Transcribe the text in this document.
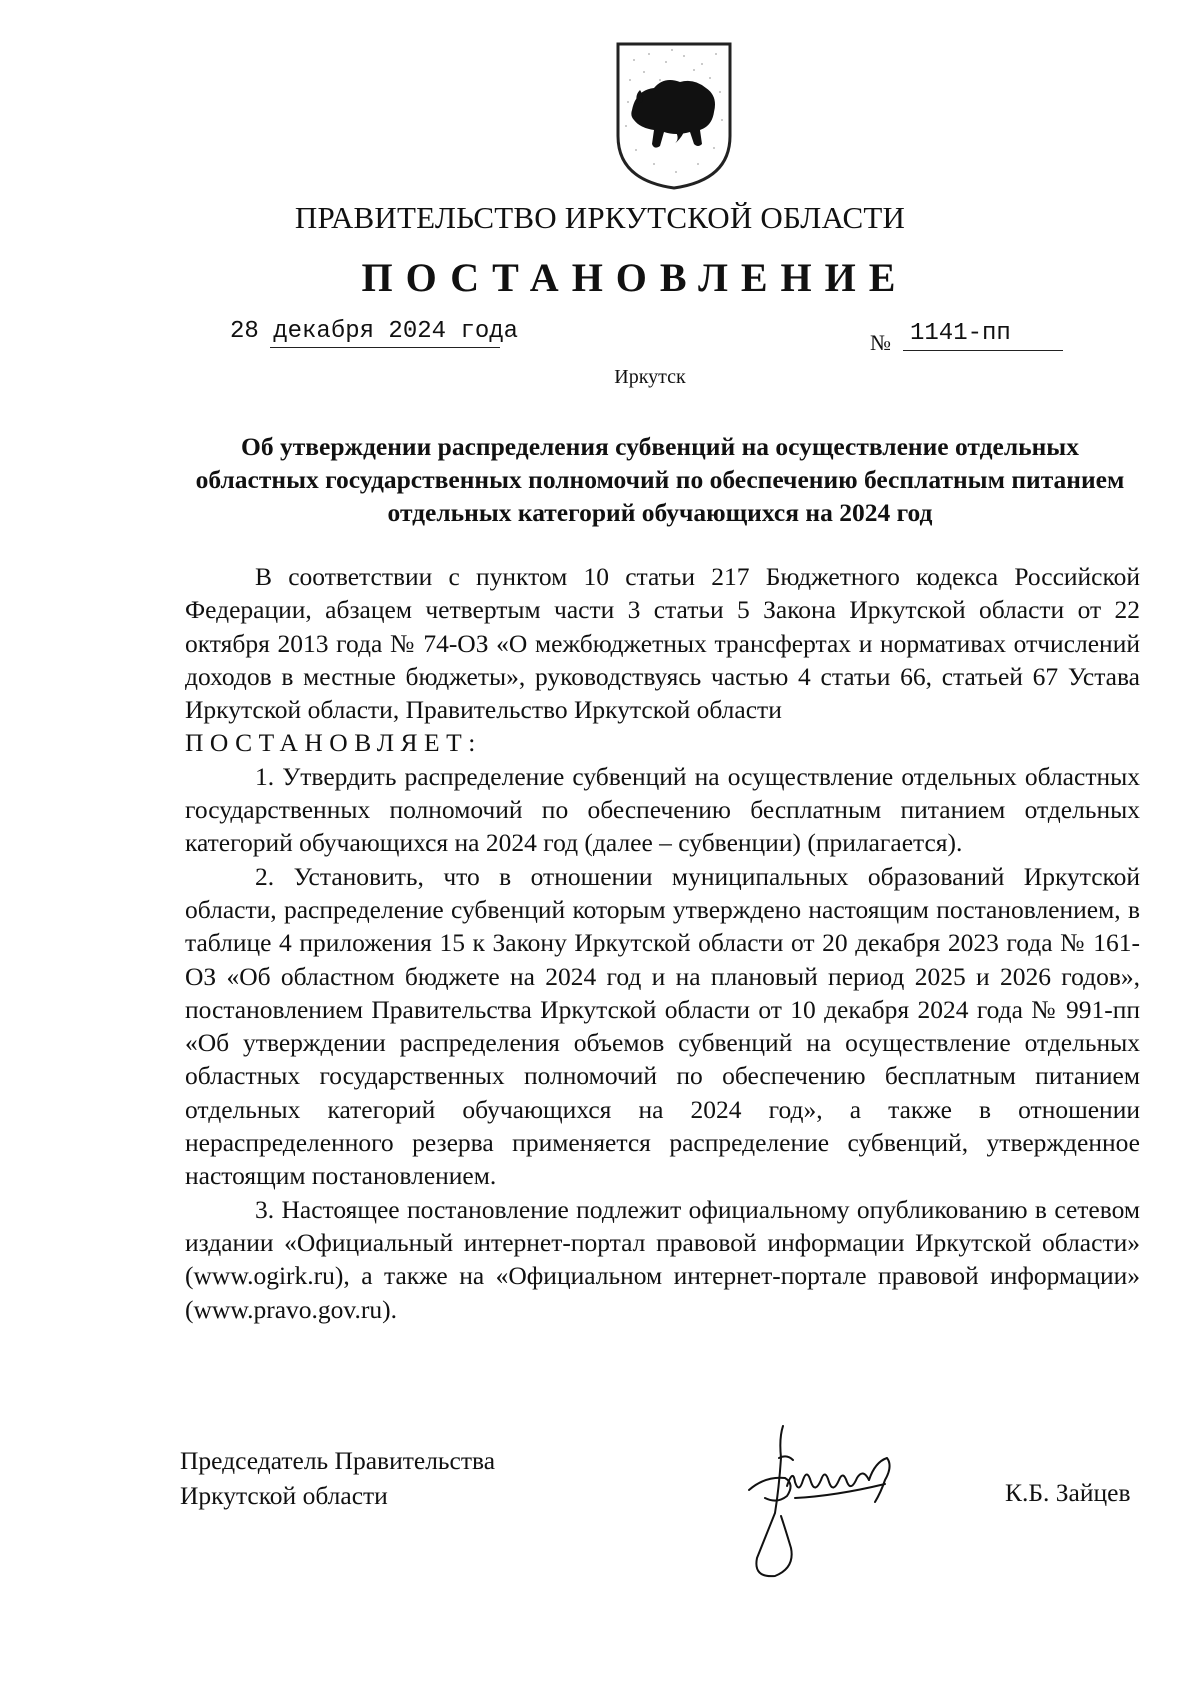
ПРАВИТЕЛЬСТВО ИРКУТСКОЙ ОБЛАСТИ
ПОСТАНОВЛЕНИЕ
28 декабря 2024 года	№ 1141-пп
Иркутск
Об утверждении распределения субвенций на осуществление отдельных областных государственных полномочий по обеспечению бесплатным питанием отдельных категорий обучающихся на 2024 год

В соответствии с пунктом 10 статьи 217 Бюджетного кодекса Российской Федерации, абзацем четвертым части 3 статьи 5 Закона Иркутской области от 22 октября 2013 года № 74-ОЗ «О межбюджетных трансфертах и нормативах отчислений доходов в местные бюджеты», руководствуясь частью 4 статьи 66, статьей 67 Устава Иркутской области, Правительство Иркутской области

ПОСТАНОВЛЯЕТ:

1. Утвердить распределение субвенций на осуществление отдельных областных государственных полномочий по обеспечению бесплатным питанием отдельных категорий обучающихся на 2024 год (далее – субвенции) (прилагается).

2. Установить, что в отношении муниципальных образований Иркутской области, распределение субвенций которым утверждено настоящим постановлением, в таблице 4 приложения 15 к Закону Иркутской области от 20 декабря 2023 года № 161-ОЗ «Об областном бюджете на 2024 год и на плановый период 2025 и 2026 годов», постановлением Правительства Иркутской области от 10 декабря 2024 года № 991-пп «Об утверждении распределения объемов субвенций на осуществление отдельных областных государственных полномочий по обеспечению бесплатным питанием отдельных категорий обучающихся на 2024 год», а также в отношении нераспределенного резерва применяется распределение субвенций, утвержденное настоящим постановлением.

3. Настоящее постановление подлежит официальному опубликованию в сетевом издании «Официальный интернет-портал правовой информации Иркутской области» (www.ogirk.ru), а также на «Официальном интернет-портале правовой информации» (www.pravo.gov.ru).

Председатель Правительства
Иркутской области	К.Б. Зайцев
